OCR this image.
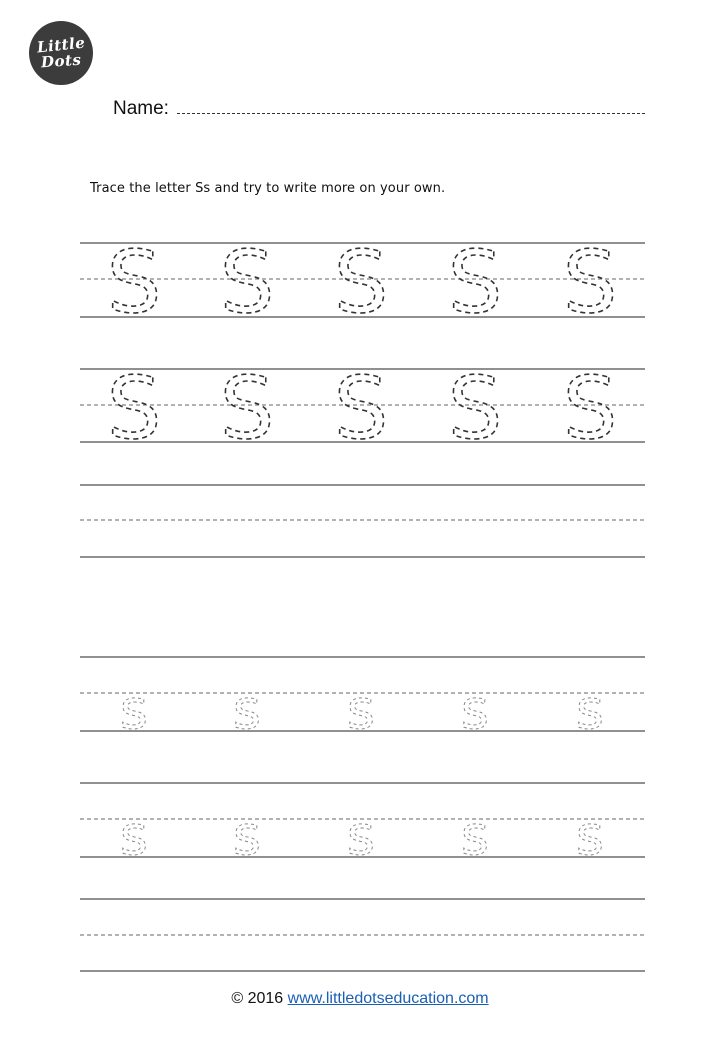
Little
Dots
Name:
Trace the letter Ss and try to write more on your own.
S S S S S
S S S S S
s s s s s
s s s s s
© 2016 www.littledotseducation.com
